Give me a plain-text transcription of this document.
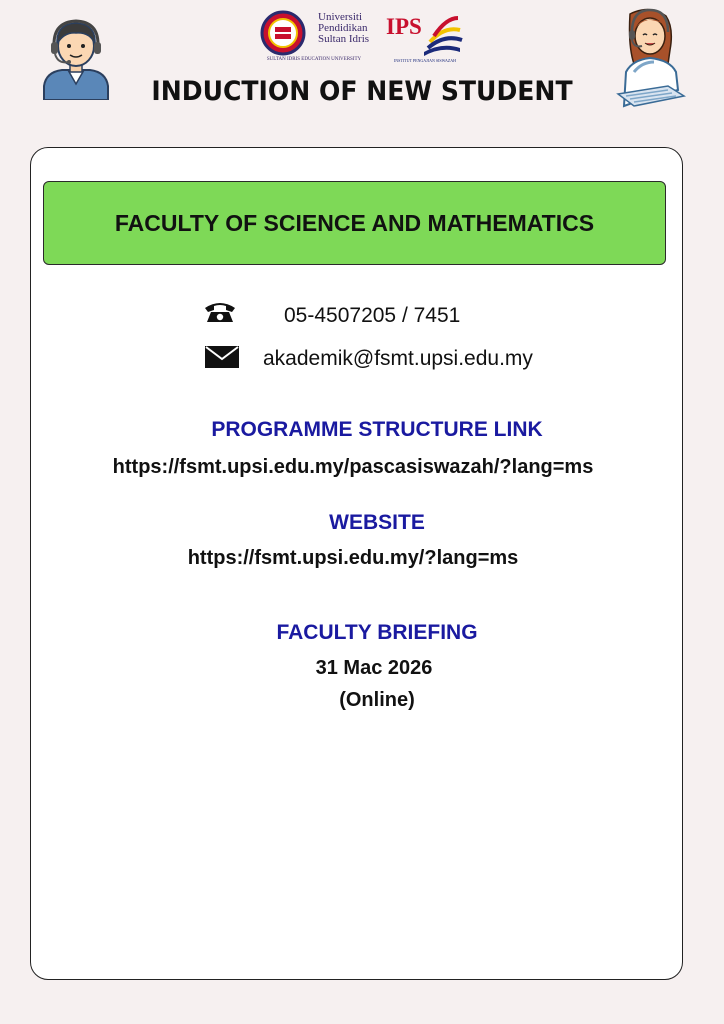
Universiti
Pendidikan
Sultan Idris
SULTAN IDRIS EDUCATION UNIVERSITY
IPS
INSTITUT PENGAJIAN SISWAZAH
INDUCTION OF NEW STUDENT
FACULTY OF SCIENCE AND MATHEMATICS
05-4507205 / 7451
akademik@fsmt.upsi.edu.my
PROGRAMME STRUCTURE LINK
https://fsmt.upsi.edu.my/pascasiswazah/?lang=ms
WEBSITE
https://fsmt.upsi.edu.my/?lang=ms
FACULTY BRIEFING
31 Mac 2026
(Online)
